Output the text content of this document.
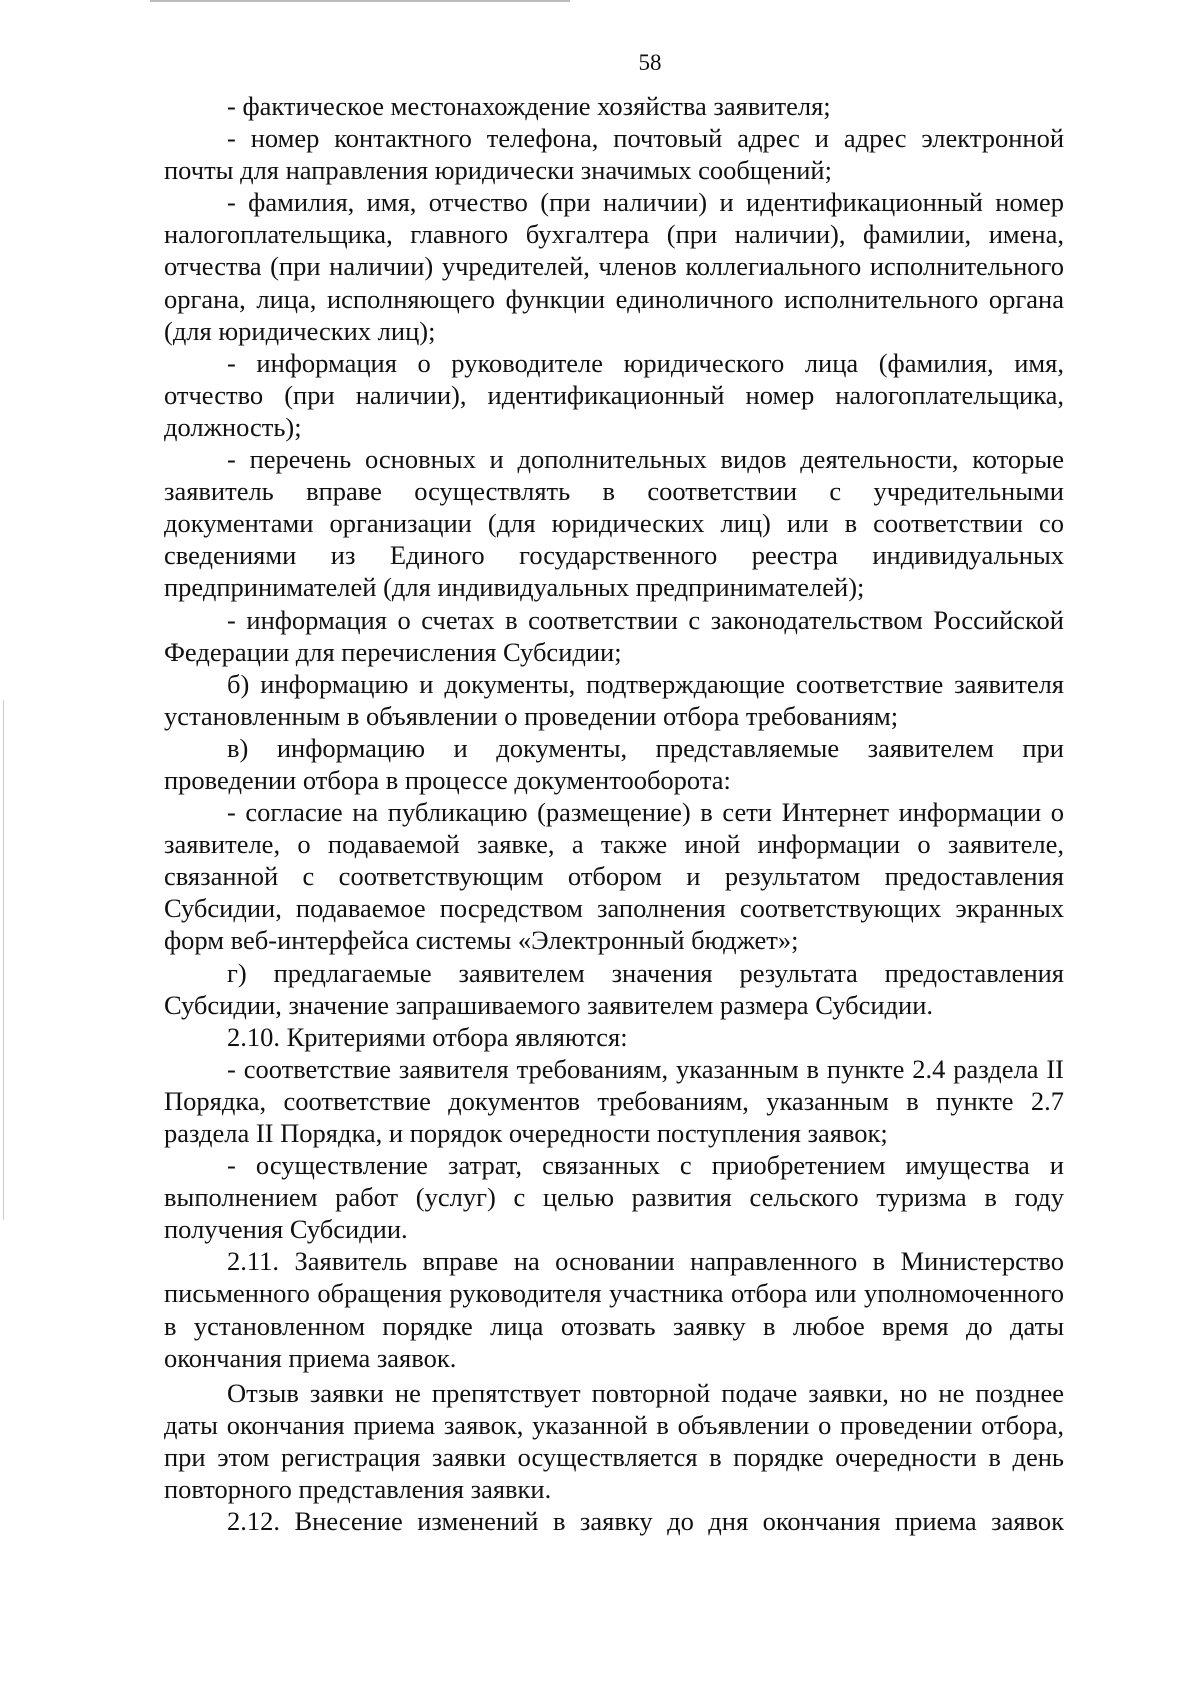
58

- фактическое местонахождение хозяйства заявителя;

- номер контактного телефона, почтовый адрес и адрес электронной почты для направления юридически значимых сообщений;

- фамилия, имя, отчество (при наличии) и идентификационный номер налогоплательщика, главного бухгалтера (при наличии), фамилии, имена, отчества (при наличии) учредителей, членов коллегиального исполнительного органа, лица, исполняющего функции единоличного исполнительного органа (для юридических лиц);

- информация о руководителе юридического лица (фамилия, имя, отчество (при наличии), идентификационный номер налогоплательщика, должность);

- перечень основных и дополнительных видов деятельности, которые заявитель вправе осуществлять в соответствии с учредительными документами организации (для юридических лиц) или в соответствии со сведениями из Единого государственного реестра индивидуальных предпринимателей (для индивидуальных предпринимателей);

- информация о счетах в соответствии с законодательством Российской Федерации для перечисления Субсидии;

б) информацию и документы, подтверждающие соответствие заявителя установленным в объявлении о проведении отбора требованиям;

в) информацию и документы, представляемые заявителем при проведении отбора в процессе документооборота:

- согласие на публикацию (размещение) в сети Интернет информации о заявителе, о подаваемой заявке, а также иной информации о заявителе, связанной с соответствующим отбором и результатом предоставления Субсидии, подаваемое посредством заполнения соответствующих экранных форм веб-интерфейса системы «Электронный бюджет»;

г) предлагаемые заявителем значения результата предоставления Субсидии, значение запрашиваемого заявителем размера Субсидии.

2.10. Критериями отбора являются:

- соответствие заявителя требованиям, указанным в пункте 2.4 раздела II Порядка, соответствие документов требованиям, указанным в пункте 2.7 раздела II Порядка, и порядок очередности поступления заявок;

- осуществление затрат, связанных с приобретением имущества и выполнением работ (услуг) с целью развития сельского туризма в году получения Субсидии.

2.11. Заявитель вправе на основании направленного в Министерство письменного обращения руководителя участника отбора или уполномоченного в установленном порядке лица отозвать заявку в любое время до даты окончания приема заявок.

Отзыв заявки не препятствует повторной подаче заявки, но не позднее даты окончания приема заявок, указанной в объявлении о проведении отбора, при этом регистрация заявки осуществляется в порядке очередности в день повторного представления заявки.

2.12. Внесение изменений в заявку до дня окончания приема заявок
